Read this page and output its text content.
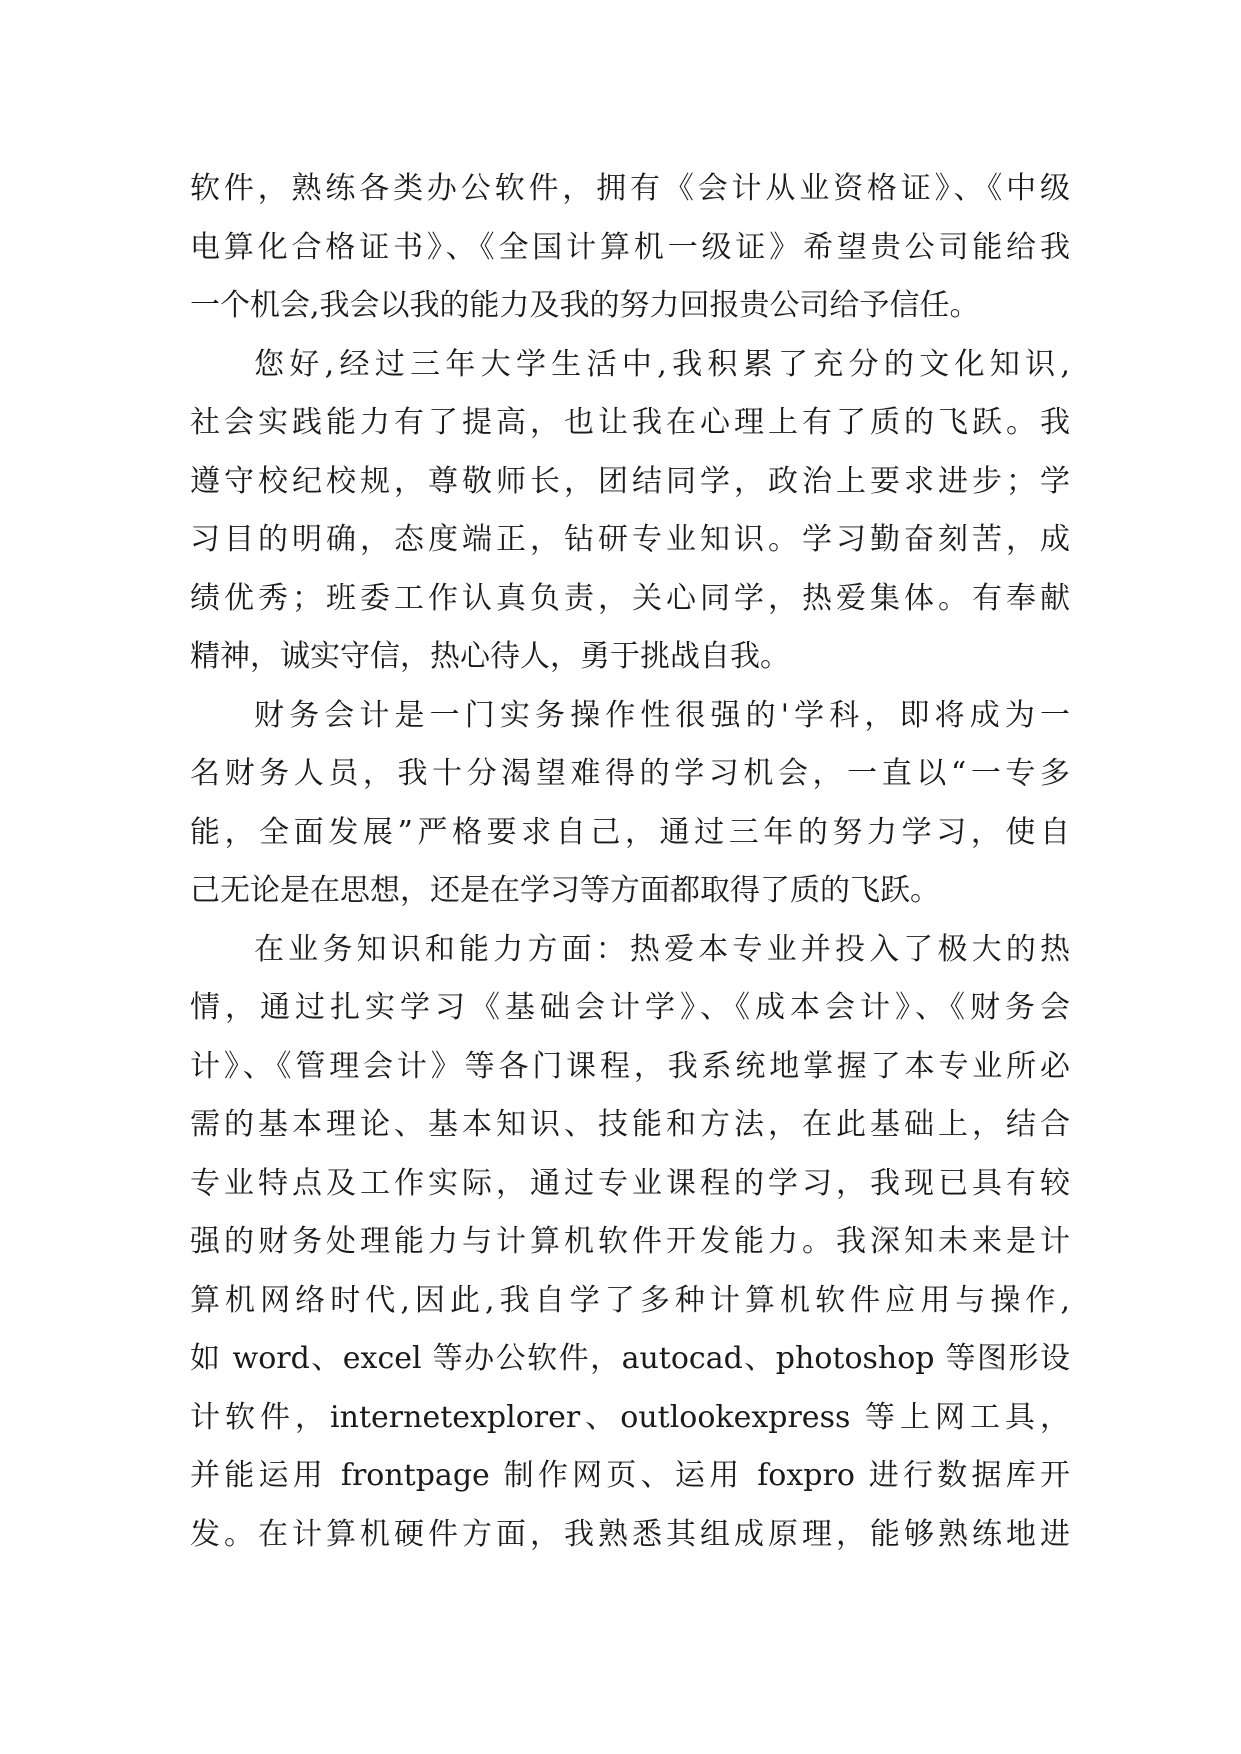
软件，熟练各类办公软件，拥有《会计从业资格证》、《中级
电算化合格证书》、《全国计算机一级证》希望贵公司能给我
一个机会,我会以我的能力及我的努力回报贵公司给予信任。
您好,经过三年大学生活中,我积累了充分的文化知识,
社会实践能力有了提高，也让我在心理上有了质的飞跃。我
遵守校纪校规，尊敬师长，团结同学，政治上要求进步；学
习目的明确，态度端正，钻研专业知识。学习勤奋刻苦，成
绩优秀；班委工作认真负责，关心同学，热爱集体。有奉献
精神，诚实守信，热心待人，勇于挑战自我。
财务会计是一门实务操作性很强的'学科，即将成为一
名财务人员，我十分渴望难得的学习机会，一直以“一专多
能，全面发展”严格要求自己，通过三年的努力学习，使自
己无论是在思想，还是在学习等方面都取得了质的飞跃。
在业务知识和能力方面：热爱本专业并投入了极大的热
情，通过扎实学习《基础会计学》、《成本会计》、《财务会
计》、《管理会计》等各门课程，我系统地掌握了本专业所必
需的基本理论、基本知识、技能和方法，在此基础上，结合
专业特点及工作实际，通过专业课程的学习，我现已具有较
强的财务处理能力与计算机软件开发能力。我深知未来是计
算机网络时代,因此,我自学了多种计算机软件应用与操作,
如 word、excel 等办公软件，autocad、photoshop 等图形设
计软件，internetexplorer、outlookexpress 等上网工具，
并能运用 frontpage 制作网页、运用 foxpro 进行数据库开
发。在计算机硬件方面，我熟悉其组成原理，能够熟练地进
